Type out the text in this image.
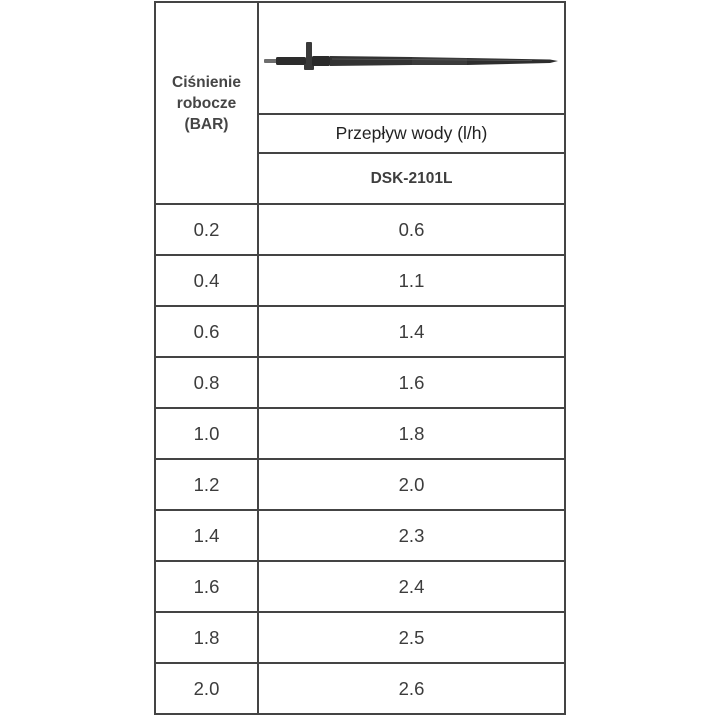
Ciśnienie
robocze
(BAR)

	Przepływ wody (l/h)
	DSK-2101L
0.2	0.6
0.4	1.1
0.6	1.4
0.8	1.6
1.0	1.8
1.2	2.0
1.4	2.3
1.6	2.4
1.8	2.5
2.0	2.6
